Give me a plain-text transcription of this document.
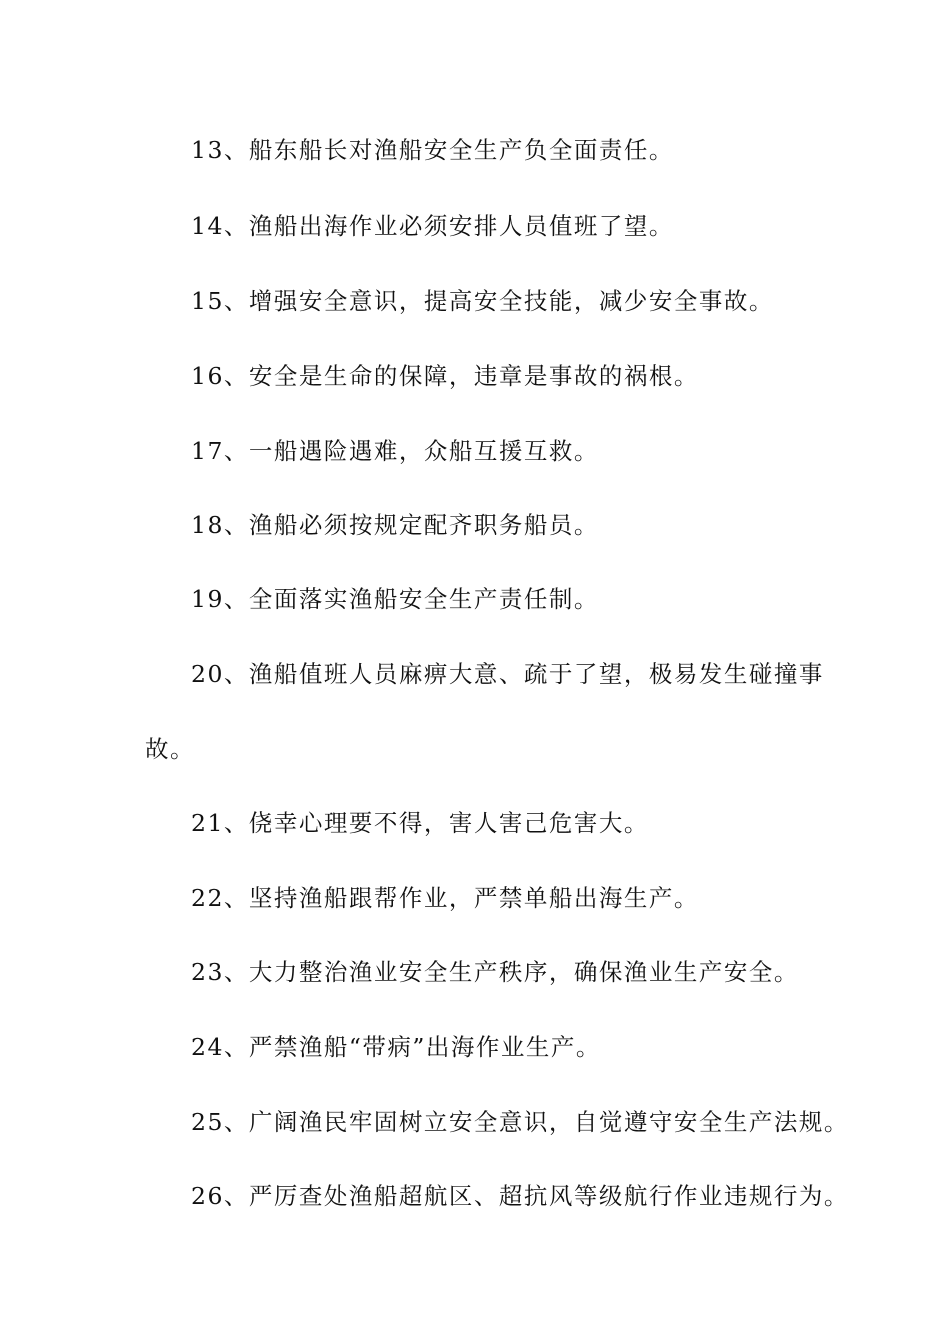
13、船东船长对渔船安全生产负全面责任。
14、渔船出海作业必须安排人员值班了望。
15、增强安全意识，提高安全技能，减少安全事故。
16、安全是生命的保障，违章是事故的祸根。
17、一船遇险遇难，众船互援互救。
18、渔船必须按规定配齐职务船员。
19、全面落实渔船安全生产责任制。
20、渔船值班人员麻痹大意、疏于了望，极易发生碰撞事
故。
21、侥幸心理要不得，害人害己危害大。
22、坚持渔船跟帮作业，严禁单船出海生产。
23、大力整治渔业安全生产秩序，确保渔业生产安全。
24、严禁渔船“带病”出海作业生产。
25、广阔渔民牢固树立安全意识，自觉遵守安全生产法规。
26、严厉查处渔船超航区、超抗风等级航行作业违规行为。
